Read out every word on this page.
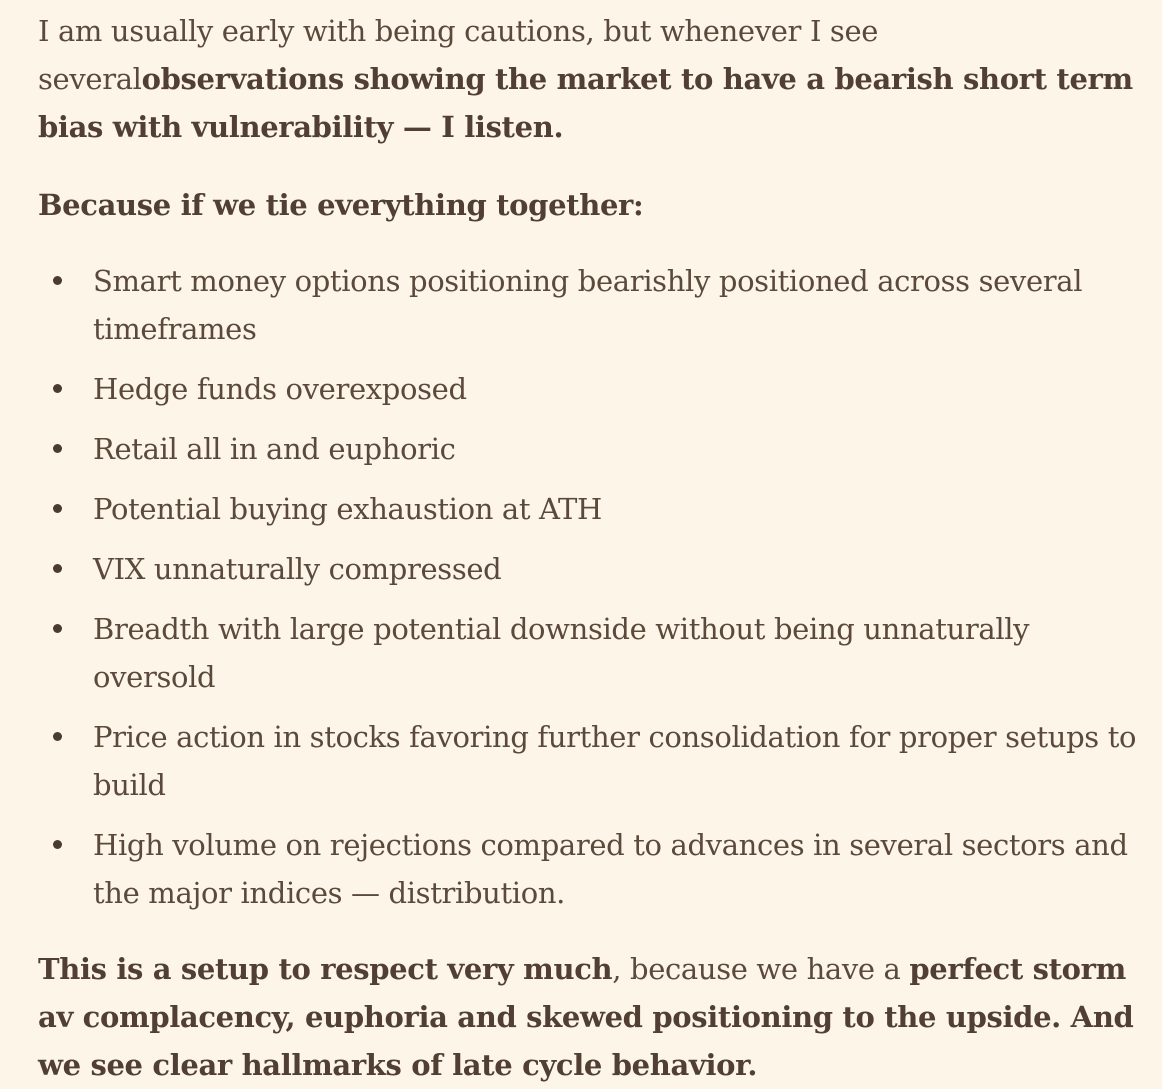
I am usually early with being cautions, but whenever I see severalobservations showing the market to have a bearish short term bias with vulnerability — I listen.

Because if we tie everything together:

Smart money options positioning bearishly positioned across several timeframes
Hedge funds overexposed
Retail all in and euphoric
Potential buying exhaustion at ATH
VIX unnaturally compressed
Breadth with large potential downside without being unnaturally oversold
Price action in stocks favoring further consolidation for proper setups to build
High volume on rejections compared to advances in several sectors and the major indices — distribution.

This is a setup to respect very much, because we have a perfect storm av complacency, euphoria and skewed positioning to the upside. And we see clear hallmarks of late cycle behavior.
